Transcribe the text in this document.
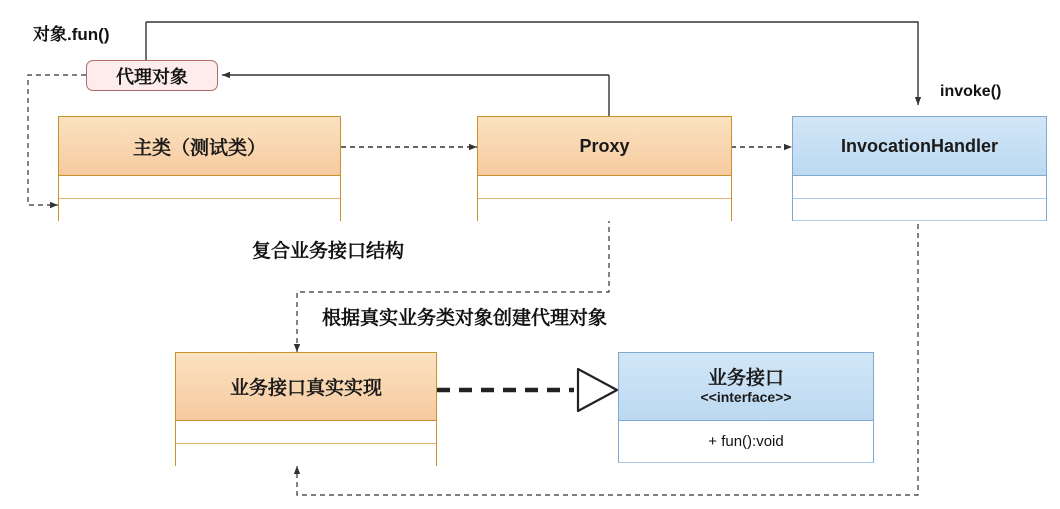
主类（测试类）	Proxy	InvocationHandler
业务接口真实实现	业务接口
<<interface>>
+ fun():void
代理对象
对象.fun()
invoke()
复合业务接口结构
根据真实业务类对象创建代理对象
